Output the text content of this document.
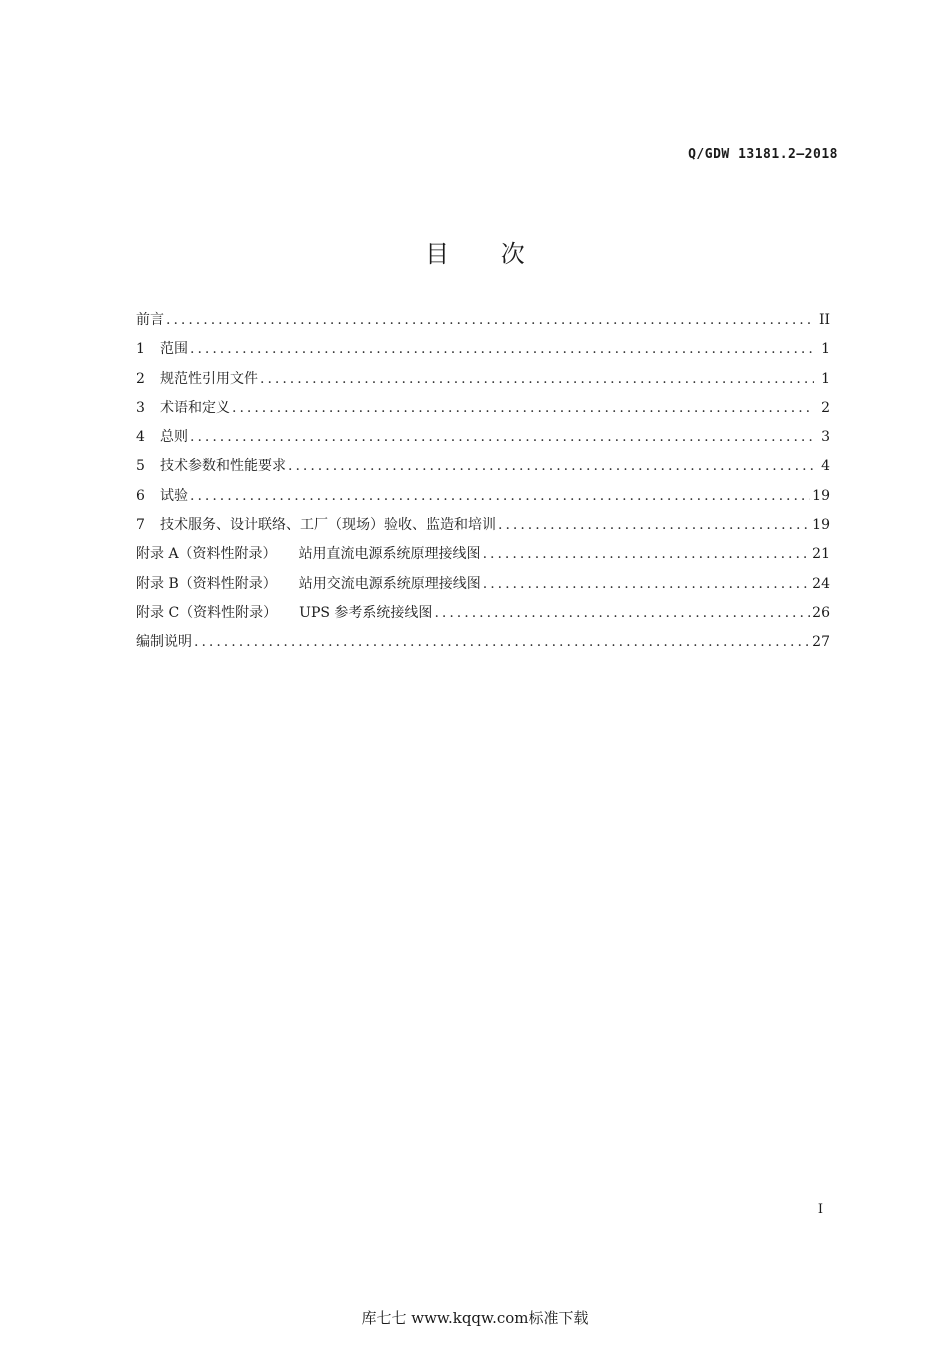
Q/GDW 13181.2—2018
目 次
前言 .....	II
1	范围 .....	1
2	规范性引用文件 .....	1
3	术语和定义 .....	2
4	总则 .....	3
5	技术参数和性能要求 .....	4
6	试验 .....	19
7	技术服务、设计联络、工厂（现场）验收、监造和培训 .....	19
附录 A（资料性附录） 站用直流电源系统原理接线图 .....	21
附录 B（资料性附录） 站用交流电源系统原理接线图 .....	24
附录 C（资料性附录） UPS 参考系统接线图 .....	26
编制说明 .....	27
I
库七七 www.kqqw.com标准下载
